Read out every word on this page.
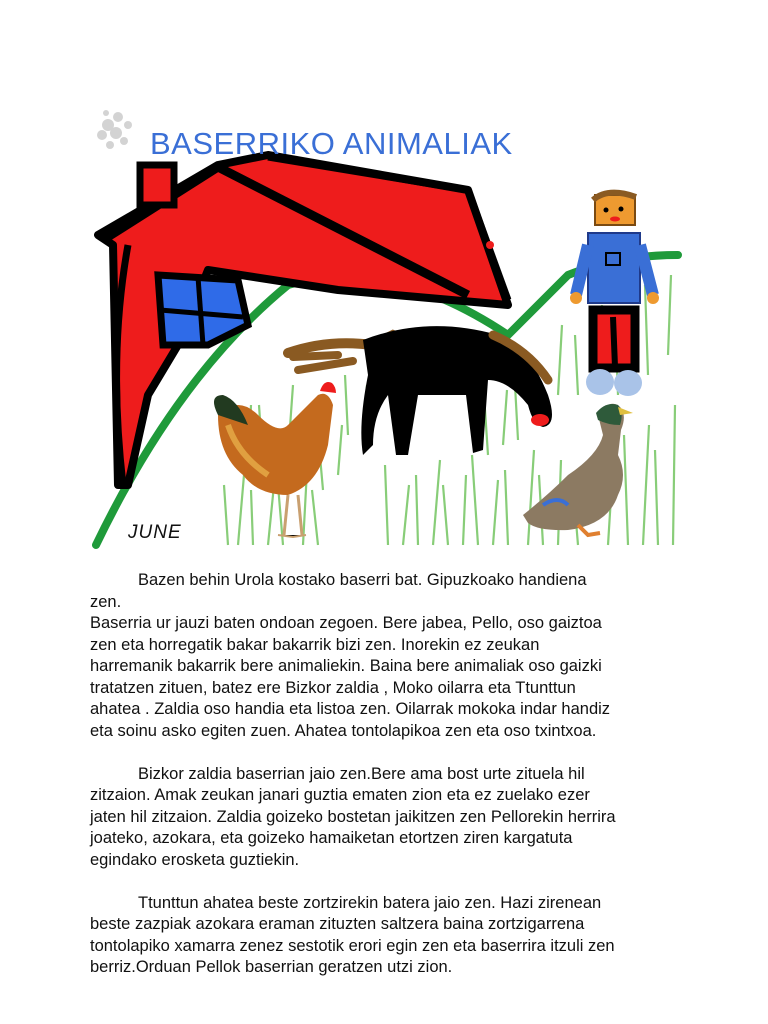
BASERRIKO ANIMALIAK
JUNE

Bazen behin Urola kostako baserri bat. Gipuzkoako handiena

zen.

Baserria ur jauzi baten ondoan zegoen. Bere jabea, Pello, oso gaiztoa

zen eta horregatik bakar bakarrik bizi zen. Inorekin ez zeukan

harremanik bakarrik bere animaliekin. Baina bere animaliak oso gaizki

tratatzen zituen, batez ere Bizkor zaldia , Moko oilarra eta Ttunttun

ahatea . Zaldia oso handia eta listoa zen. Oilarrak mokoka indar handiz

eta soinu asko egiten zuen. Ahatea tontolapikoa zen eta oso txintxoa.

Bizkor zaldia baserrian jaio zen.Bere ama bost urte zituela hil

zitzaion. Amak zeukan janari guztia ematen zion eta ez zuelako ezer

jaten hil zitzaion. Zaldia goizeko bostetan jaikitzen zen Pellorekin herrira

joateko, azokara, eta goizeko hamaiketan etortzen ziren kargatuta

egindako erosketa guztiekin.

Ttunttun ahatea beste zortzirekin batera jaio zen. Hazi zirenean

beste zazpiak azokara eraman zituzten saltzera baina zortzigarrena

tontolapiko xamarra zenez sestotik erori egin zen eta baserrira itzuli zen

berriz.Orduan Pellok baserrian geratzen utzi zion.
